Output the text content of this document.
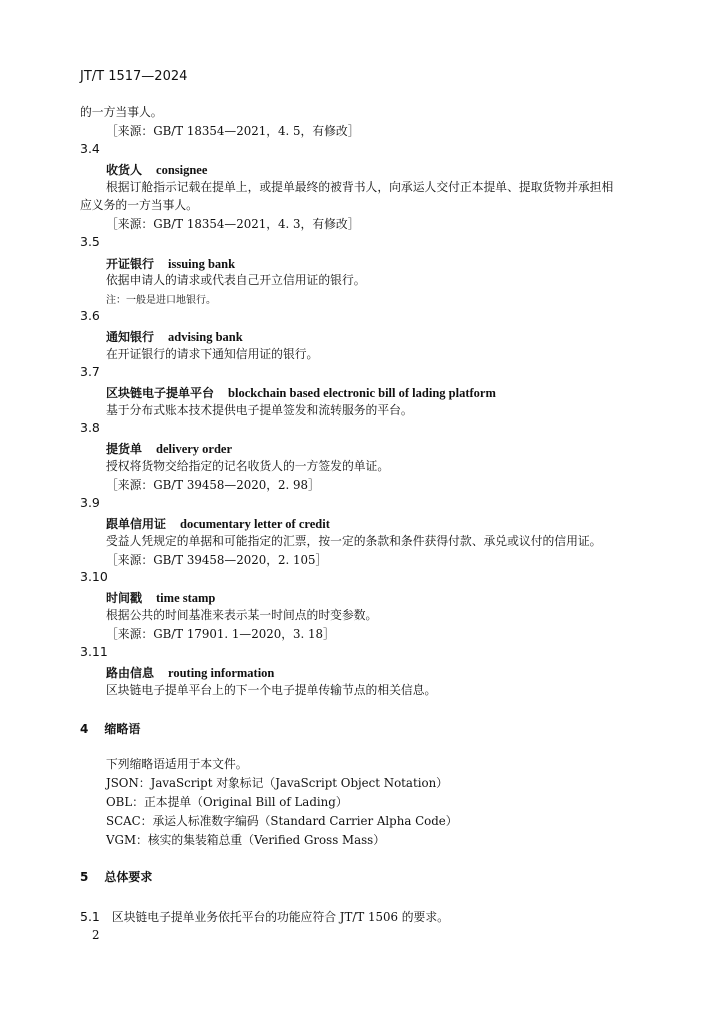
JT/T 1517—2024
的一方当事人。
［来源：GB/T 18354—2021，4. 5，有修改］
3.4
收货人 consignee
根据订舱指示记载在提单上，或提单最终的被背书人，向承运人交付正本提单、提取货物并承担相
应义务的一方当事人。
［来源：GB/T 18354—2021，4. 3，有修改］
3.5
开证银行 issuing bank
依据申请人的请求或代表自己开立信用证的银行。
注：一般是进口地银行。
3.6
通知银行 advising bank
在开证银行的请求下通知信用证的银行。
3.7
区块链电子提单平台 blockchain based electronic bill of lading platform
基于分布式账本技术提供电子提单签发和流转服务的平台。
3.8
提货单 delivery order
授权将货物交给指定的记名收货人的一方签发的单证。
［来源：GB/T 39458—2020，2. 98］
3.9
跟单信用证 documentary letter of credit
受益人凭规定的单据和可能指定的汇票，按一定的条款和条件获得付款、承兑或议付的信用证。
［来源：GB/T 39458—2020，2. 105］
3.10
时间戳 time stamp
根据公共的时间基准来表示某一时间点的时变参数。
［来源：GB/T 17901. 1—2020，3. 18］
3.11
路由信息 routing information
区块链电子提单平台上的下一个电子提单传输节点的相关信息。
4 缩略语
下列缩略语适用于本文件。
JSON：JavaScript 对象标记（JavaScript Object Notation）
OBL：正本提单（Original Bill of Lading）
SCAC：承运人标准数字编码（Standard Carrier Alpha Code）
VGM：核实的集装箱总重（Verified Gross Mass）
5 总体要求
5.1 区块链电子提单业务依托平台的功能应符合 JT/T 1506 的要求。
2
